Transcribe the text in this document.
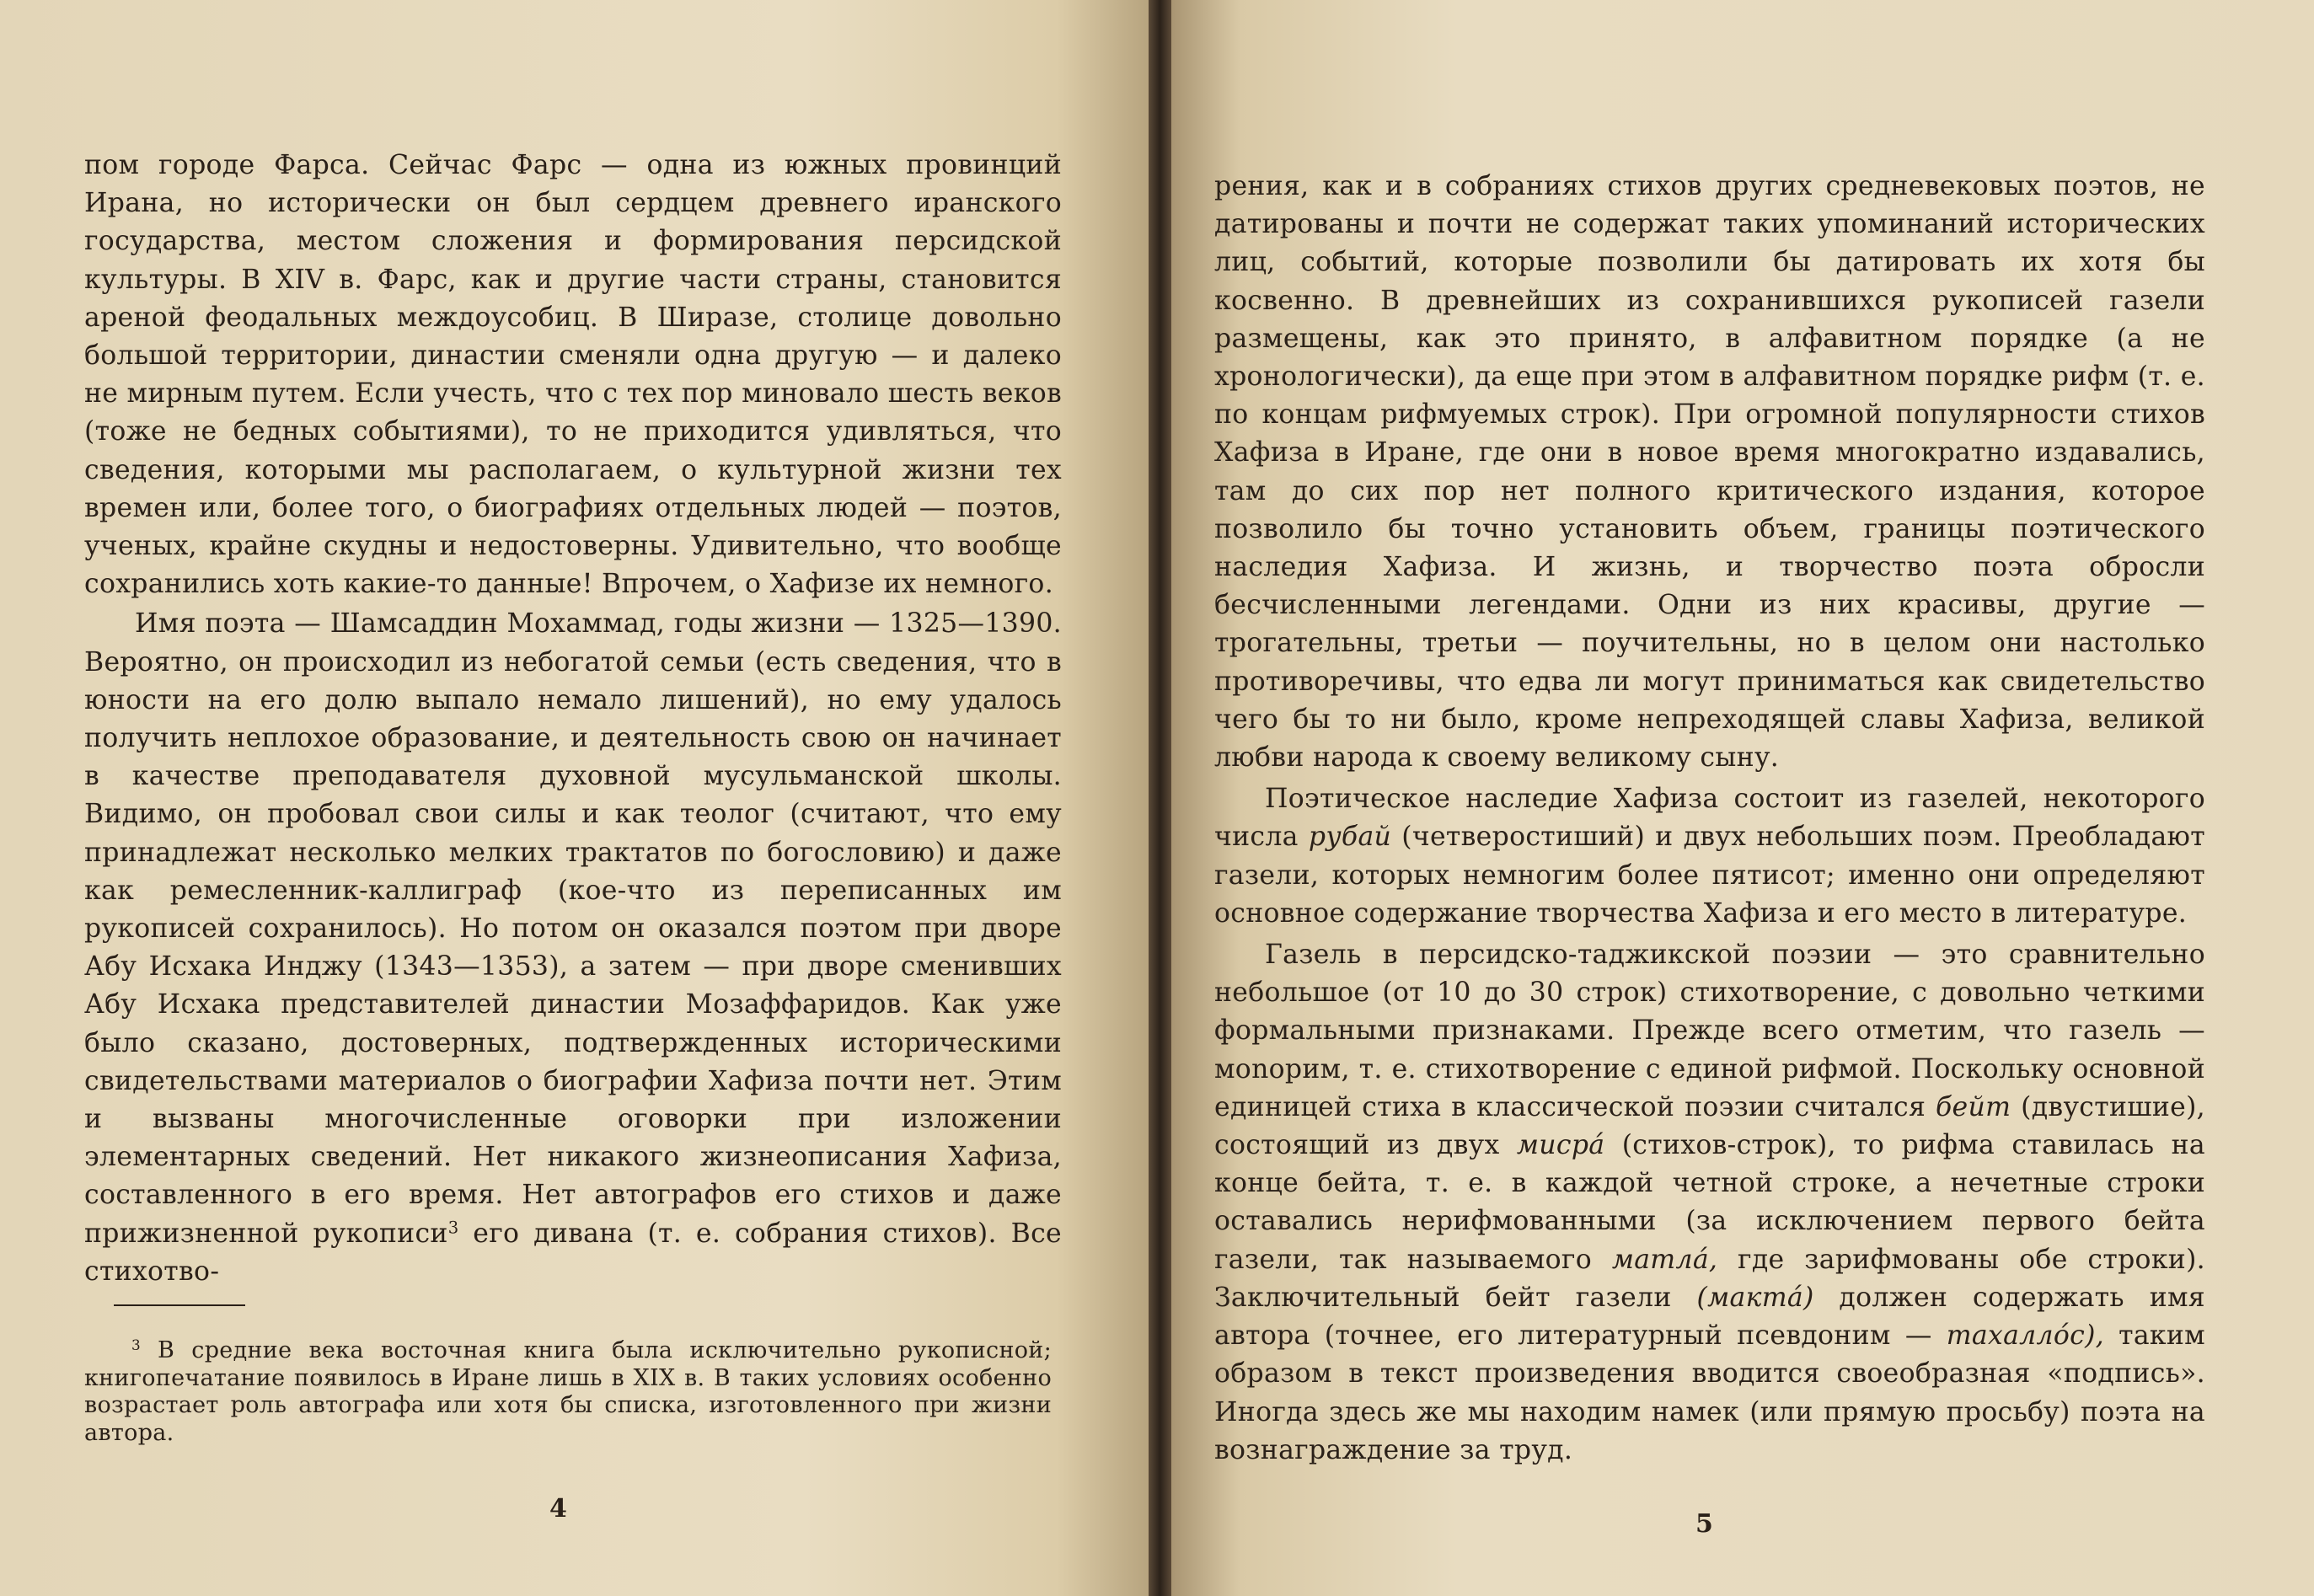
пом городе Фарса. Сейчас Фарс — одна из южных провинций Ирана, но исторически он был сердцем древнего иранского государства, местом сложения и формирования персидской культуры. В XIV в. Фарс, как и другие части страны, становится ареной феодальных междоусобиц. В Ширазе, столице довольно большой территории, династии сменяли одна другую — и далеко не мирным путем. Если учесть, что с тех пор миновало шесть веков (тоже не бедных событиями), то не приходится удивляться, что сведения, которыми мы располагаем, о культурной жизни тех времен или, более того, о биографиях отдельных людей — поэтов, ученых, крайне скудны и недостоверны. Удивительно, что вообще сохранились хоть какие-то данные! Впрочем, о Хафизе их немного.

Имя поэта — Шамсаддин Мохаммад, годы жизни — 1325—1390. Вероятно, он происходил из небогатой семьи (есть сведения, что в юности на его долю выпало немало лишений), но ему удалось получить неплохое образование, и деятельность свою он начинает в качестве преподавателя духовной мусульманской школы. Видимо, он пробовал свои силы и как теолог (считают, что ему принадлежат несколько мелких трактатов по богословию) и даже как ремесленник-каллиграф (кое-что из переписанных им рукописей сохранилось). Но потом он оказался поэтом при дворе Абу Исхака Инджу (1343—1353), а затем — при дворе сменивших Абу Исхака представителей династии Мозаффаридов. Как уже было сказано, достоверных, подтвержденных историческими свидетельствами материалов о биографии Хафиза почти нет. Этим и вызваны многочисленные оговорки при изложении элементарных сведений. Нет никакого жизнеописания Хафиза, составленного в его время. Нет автографов его стихов и даже прижизненной рукописи$^3$ его дивана (т. е. собрания стихов). Все стихотво-

$^3$ В средние века восточная книга была исключительно рукописной; книгопечатание появилось в Иране лишь в XIX в. В таких условиях особенно возрастает роль автографа или хотя бы списка, изготовленного при жизни автора.

4

рения, как и в собраниях стихов других средневековых поэтов, не датированы и почти не содержат таких упоминаний исторических лиц, событий, которые позволили бы датировать их хотя бы косвенно. В древнейших из сохранившихся рукописей газели размещены, как это принято, в алфавитном порядке (а не хронологически), да еще при этом в алфавитном порядке рифм (т. е. по концам рифмуемых строк). При огромной популярности стихов Хафиза в Иране, где они в новое время многократно издавались, там до сих пор нет полного критического издания, которое позволило бы точно установить объем, границы поэтического наследия Хафиза. И жизнь, и творчество поэта обросли бесчисленными легендами. Одни из них красивы, другие — трогательны, третьи — поучительны, но в целом они настолько противоречивы, что едва ли могут приниматься как свидетельство чего бы то ни было, кроме непреходящей славы Хафиза, великой любви народа к своему великому сыну.

Поэтическое наследие Хафиза состоит из газелей, некоторого числа рубай (четверостиший) и двух небольших поэм. Преобладают газели, которых немногим более пятисот; именно они определяют основное содержание творчества Хафиза и его место в литературе.

Газель в персидско-таджикской поэзии — это сравнительно небольшое (от 10 до 30 строк) стихотворение, с довольно четкими формальными признаками. Прежде всего отметим, что газель — моnорим, т. е. стихотворение с единой рифмой. Поскольку основной единицей стиха в классической поэзии считался бейт (двустишие), состоящий из двух мисрá (стихов-строк), то рифма ставилась на конце бейта, т. е. в каждой четной строке, а нечетные строки оставались нерифмованными (за исключением первого бейта газели, так называемого матлá, где зарифмованы обе строки). Заключительный бейт газели (мактá) должен содержать имя автора (точнее, его литературный псевдоним — тахаллóс), таким образом в текст произведения вводится своеобразная «подпись». Иногда здесь же мы находим намек (или прямую просьбу) поэта на вознаграждение за труд.

5
